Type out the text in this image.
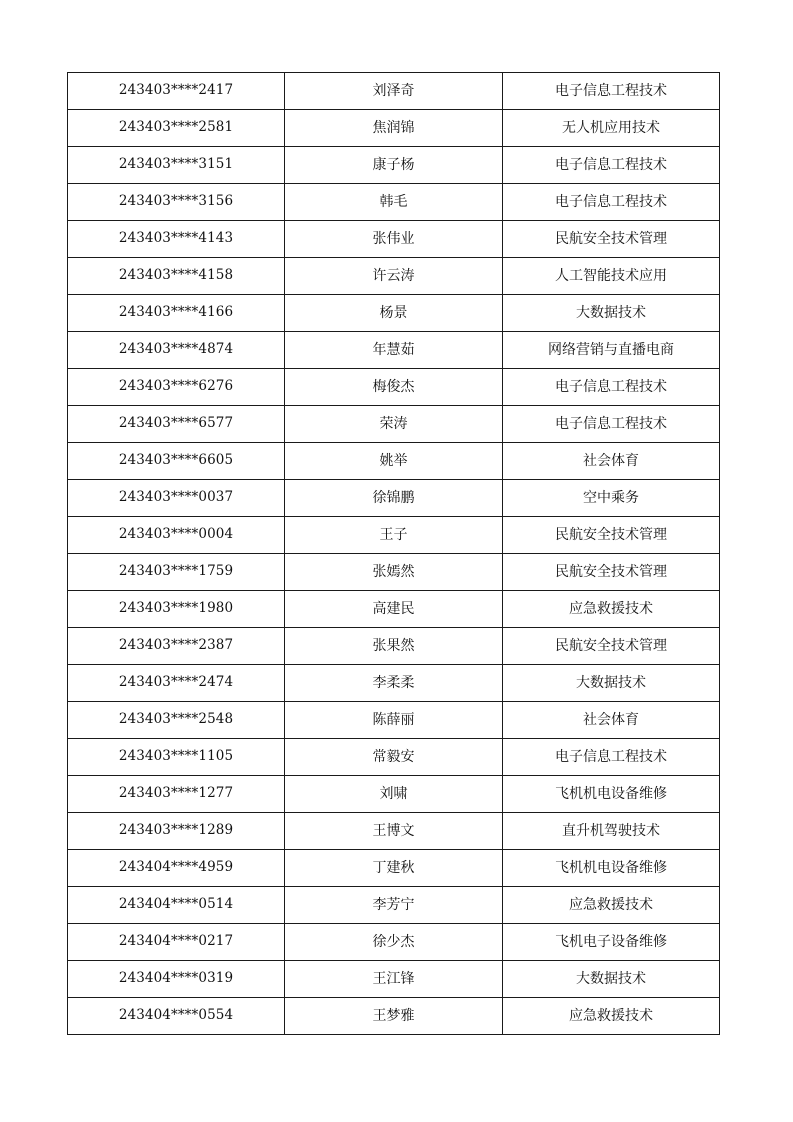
243403****2417	刘泽奇	电子信息工程技术
243403****2581	焦润锦	无人机应用技术
243403****3151	康子杨	电子信息工程技术
243403****3156	韩毛	电子信息工程技术
243403****4143	张伟业	民航安全技术管理
243403****4158	许云涛	人工智能技术应用
243403****4166	杨景	大数据技术
243403****4874	年慧茹	网络营销与直播电商
243403****6276	梅俊杰	电子信息工程技术
243403****6577	荣涛	电子信息工程技术
243403****6605	姚举	社会体育
243403****0037	徐锦鹏	空中乘务
243403****0004	王子	民航安全技术管理
243403****1759	张嫣然	民航安全技术管理
243403****1980	高建民	应急救援技术
243403****2387	张果然	民航安全技术管理
243403****2474	李柔柔	大数据技术
243403****2548	陈薛丽	社会体育
243403****1105	常毅安	电子信息工程技术
243403****1277	刘啸	飞机机电设备维修
243403****1289	王博文	直升机驾驶技术
243404****4959	丁建秋	飞机机电设备维修
243404****0514	李芳宁	应急救援技术
243404****0217	徐少杰	飞机电子设备维修
243404****0319	王江锋	大数据技术
243404****0554	王梦雅	应急救援技术
